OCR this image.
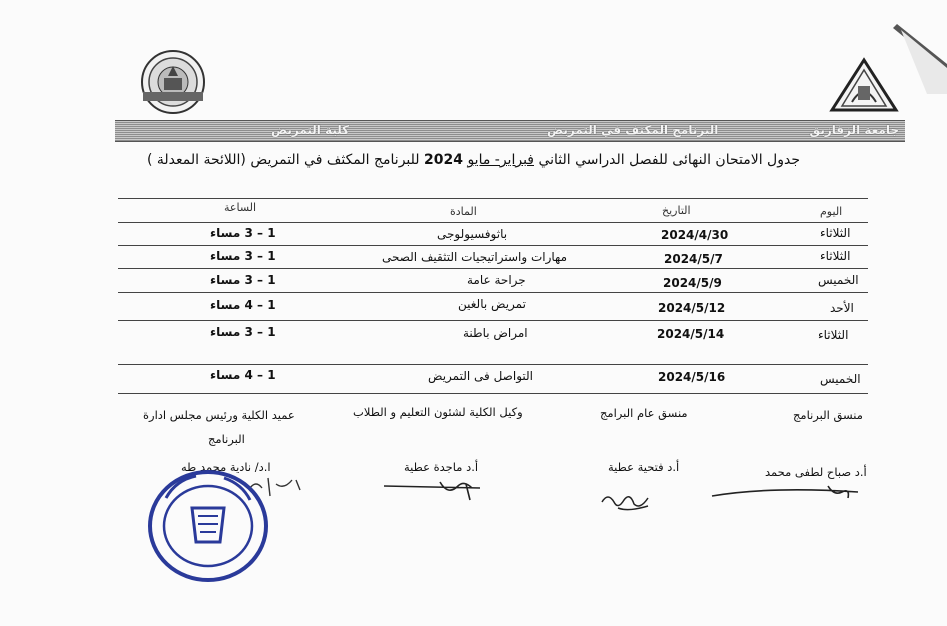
جامعة الزقازيق
البرنامج المكثف في التمريض
كلية التمريض
جدول الامتحان النهائى للفصل الدراسي الثاني فبراير- مايو 2024 للبرنامج المكثف في التمريض (اللائحة المعدلة )
اليوم
التاريخ
المادة
الساعة
الثلاثاء
2024/4/30
باثوفسيولوجى
1 – 3 مساء
الثلاثاء
2024/5/7
مهارات واستراتيجيات التثقيف الصحى
1 – 3 مساء
الخميس
2024/5/9
جراحة عامة
1 – 3 مساء
الأحد
2024/5/12
تمريض بالغين
1 – 4 مساء
الثلاثاء
2024/5/14
امراض باطنة
1 – 3 مساء
الخميس
2024/5/16
التواصل فى التمريض
1 – 4 مساء
منسق البرنامج
منسق عام البرامج
وكيل الكلية لشئون التعليم و الطلاب
عميد الكلية ورئيس مجلس ادارة
البرنامج
أ.د صباح لطفى محمد
أ.د فتحية عطية
أ.د ماجدة عطية
ا.د/ نادية محمد طه
